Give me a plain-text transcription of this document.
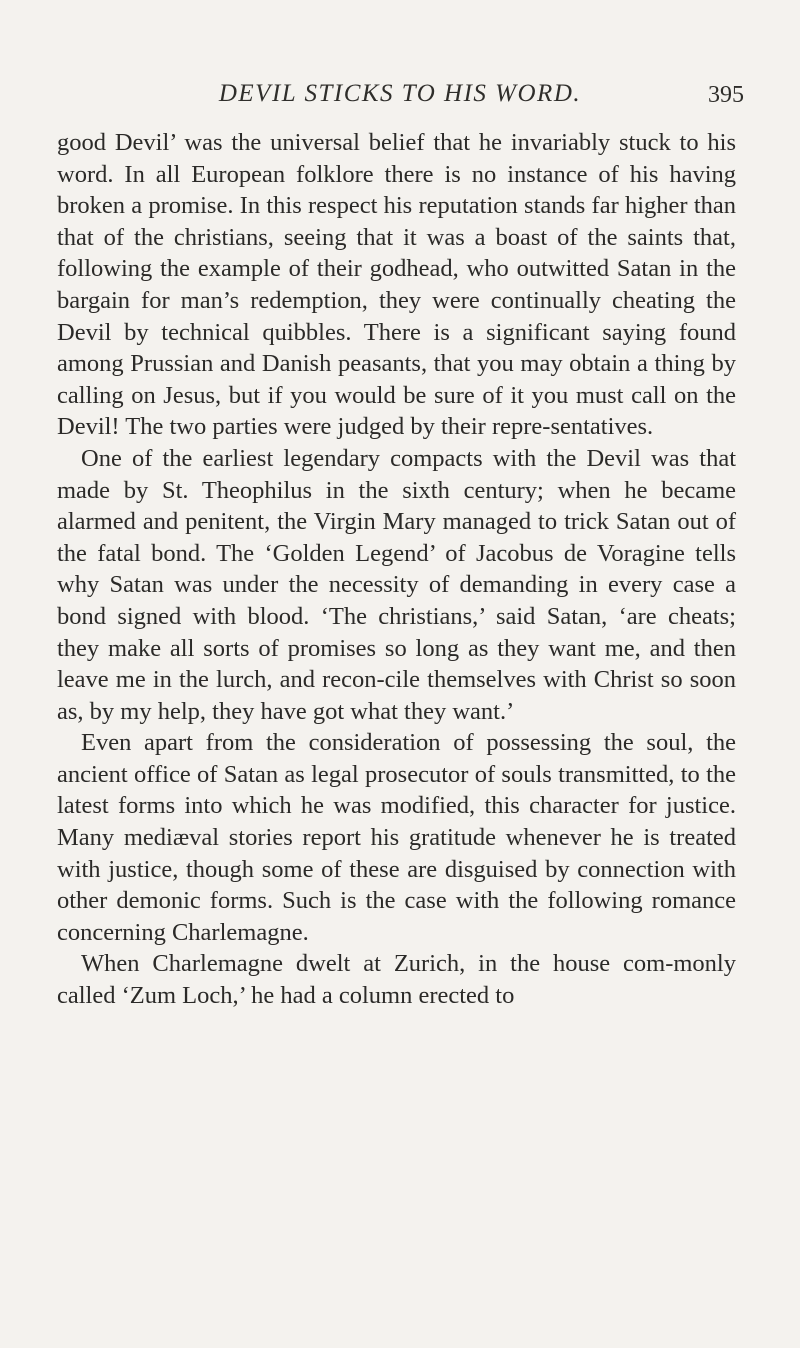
DEVIL STICKS TO HIS WORD.	395

good Devil’ was the universal belief that he invariably stuck to his word. In all European folklore there is no instance of his having broken a promise. In this respect his reputation stands far higher than that of the christians, seeing that it was a boast of the saints that, following the example of their godhead, who outwitted Satan in the bargain for man’s redemption, they were continually cheating the Devil by technical quibbles. There is a significant saying found among Prussian and Danish peasants, that you may obtain a thing by calling on Jesus, but if you would be sure of it you must call on the Devil! The two parties were judged by their repre-sentatives.

One of the earliest legendary compacts with the Devil was that made by St. Theophilus in the sixth century; when he became alarmed and penitent, the Virgin Mary managed to trick Satan out of the fatal bond. The ‘Golden Legend’ of Jacobus de Voragine tells why Satan was under the necessity of demanding in every case a bond signed with blood. ‘The christians,’ said Satan, ‘are cheats; they make all sorts of promises so long as they want me, and then leave me in the lurch, and recon-cile themselves with Christ so soon as, by my help, they have got what they want.’

Even apart from the consideration of possessing the soul, the ancient office of Satan as legal prosecutor of souls transmitted, to the latest forms into which he was modified, this character for justice. Many mediæval stories report his gratitude whenever he is treated with justice, though some of these are disguised by connection with other demonic forms. Such is the case with the following romance concerning Charlemagne.

When Charlemagne dwelt at Zurich, in the house com-monly called ‘Zum Loch,’ he had a column erected to
